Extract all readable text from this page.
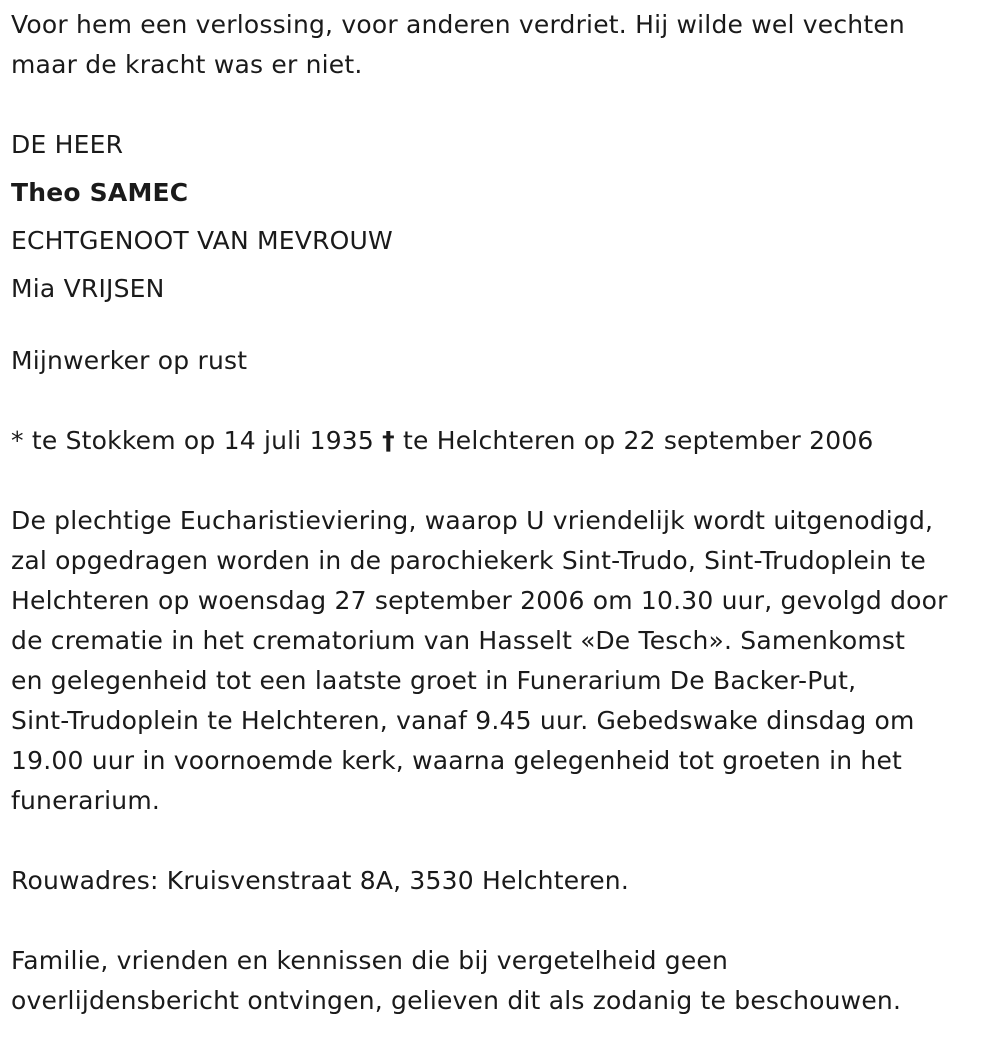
Voor hem een verlossing, voor anderen verdriet. Hij wilde wel vechten
maar de kracht was er niet.

DE HEER
Theo SAMEC
ECHTGENOOT VAN MEVROUW
Mia VRIJSEN

Mijnwerker op rust

* te Stokkem op 14 juli 1935 † te Helchteren op 22 september 2006

De plechtige Eucharistieviering, waarop U vriendelijk wordt uitgenodigd,
zal opgedragen worden in de parochiekerk Sint-Trudo, Sint-Trudoplein te
Helchteren op woensdag 27 september 2006 om 10.30 uur, gevolgd door
de crematie in het crematorium van Hasselt «De Tesch». Samenkomst
en gelegenheid tot een laatste groet in Funerarium De Backer-Put,
Sint-Trudoplein te Helchteren, vanaf 9.45 uur. Gebedswake dinsdag om
19.00 uur in voornoemde kerk, waarna gelegenheid tot groeten in het
funerarium.

Rouwadres: Kruisvenstraat 8A, 3530 Helchteren.

Familie, vrienden en kennissen die bij vergetelheid geen
overlijdensbericht ontvingen, gelieven dit als zodanig te beschouwen.
